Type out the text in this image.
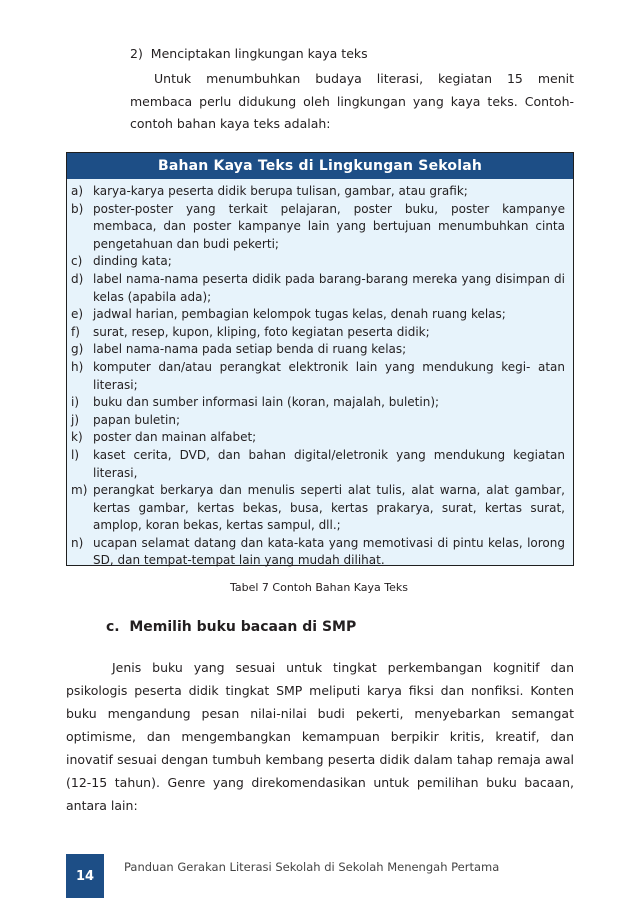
2) Menciptakan lingkungan kaya teks
Untuk menumbuhkan budaya literasi, kegiatan 15 menit membaca perlu didukung oleh lingkungan yang kaya teks. Contoh-contoh bahan kaya teks adalah:
Bahan Kaya Teks di Lingkungan Sekolah
a) karya-karya peserta didik berupa tulisan, gambar, atau grafik;
b) poster-poster yang terkait pelajaran, poster buku, poster kampanye membaca, dan poster kampanye lain yang bertujuan menumbuhkan cinta pengetahuan dan budi pekerti;
c) dinding kata;
d) label nama-nama peserta didik pada barang-barang mereka yang disimpan di kelas (apabila ada);
e) jadwal harian, pembagian kelompok tugas kelas, denah ruang kelas;
f)	surat, resep, kupon, kliping, foto kegiatan peserta didik;
g) label nama-nama pada setiap benda di ruang kelas;
h) komputer dan/atau perangkat elektronik lain yang mendukung kegi- atan literasi;
i)	buku dan sumber informasi lain (koran, majalah, buletin);
j)	papan buletin;
k) poster dan mainan alfabet;
l)	kaset cerita, DVD, dan bahan digital/eletronik yang mendukung kegiatan literasi,
m) perangkat berkarya dan menulis seperti alat tulis, alat warna, alat gambar, kertas gambar, kertas bekas, busa, kertas prakarya, surat, kertas surat, amplop, koran bekas, kertas sampul, dll.;
n) ucapan selamat datang dan kata-kata yang memotivasi di pintu kelas, lorong SD, dan tempat-tempat lain yang mudah dilihat.
Tabel 7 Contoh Bahan Kaya Teks
c.  Memilih buku bacaan di SMP
Jenis buku yang sesuai untuk tingkat perkembangan kognitif dan psikologis peserta didik tingkat SMP meliputi karya fiksi dan nonfiksi. Konten buku mengandung pesan nilai-nilai budi pekerti, menyebarkan semangat optimisme, dan mengembangkan kemampuan berpikir kritis, kreatif, dan inovatif sesuai dengan tumbuh kembang peserta didik dalam tahap remaja awal (12-15 tahun). Genre yang direkomendasikan untuk pemilihan buku bacaan, antara lain:
14
Panduan Gerakan Literasi Sekolah di Sekolah Menengah Pertama
